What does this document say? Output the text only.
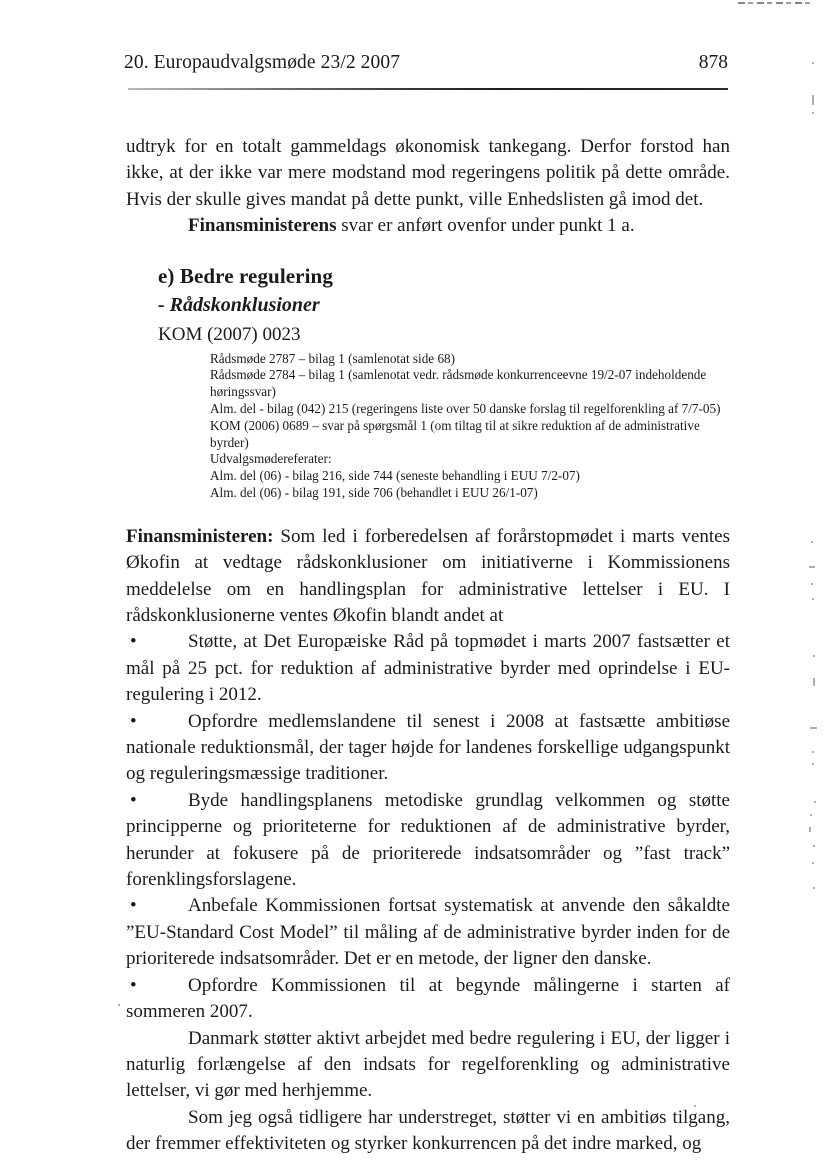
20. Europaudvalgsmøde 23/2 2007	878

udtryk for en totalt gammeldags økonomisk tankegang. Derfor forstod han ikke, at der ikke var mere modstand mod regeringens politik på dette område. Hvis der skulle gives mandat på dette punkt, ville Enhedslisten gå imod det.

Finansministerens svar er anført ovenfor under punkt 1 a.

e) Bedre regulering
- Rådskonklusioner
KOM (2007) 0023

Rådsmøde 2787 – bilag 1 (samlenotat side 68)

Rådsmøde 2784 – bilag 1 (samlenotat vedr. rådsmøde konkurrenceevne 19/2-07 indeholdende høringssvar)

Alm. del - bilag (042) 215 (regeringens liste over 50 danske forslag til regelforenkling af 7/7-05)

KOM (2006) 0689 – svar på spørgsmål 1 (om tiltag til at sikre reduktion af de administrative byrder)

Udvalgsmødereferater:

Alm. del (06) - bilag 216, side 744 (seneste behandling i EUU 7/2-07)

Alm. del (06) - bilag 191, side 706 (behandlet i EUU 26/1-07)

Finansministeren: Som led i forberedelsen af forårstopmødet i marts ventes Økofin at vedtage rådskonklusioner om initiativerne i Kommissionens meddelelse om en handlingsplan for administrative lettelser i EU. I rådskonklusionerne ventes Økofin blandt andet at

•	Støtte, at Det Europæiske Råd på topmødet i marts 2007 fastsætter et mål på 25 pct. for reduktion af administrative byrder med oprindelse i EU-regulering i 2012.

•	Opfordre medlemslandene til senest i 2008 at fastsætte ambitiøse nationale reduktionsmål, der tager højde for landenes forskellige udgangspunkt og reguleringsmæssige traditioner.

•	Byde handlingsplanens metodiske grundlag velkommen og støtte principperne og prioriteterne for reduktionen af de administrative byrder, herunder at fokusere på de prioriterede indsatsområder og ”fast track” forenklingsforslagene.

•	Anbefale Kommissionen fortsat systematisk at anvende den såkaldte ”EU-Standard Cost Model” til måling af de administrative byrder inden for de prioriterede indsatsområder. Det er en metode, der ligner den danske.

•	Opfordre Kommissionen til at begynde målingerne i starten af sommeren 2007.

Danmark støtter aktivt arbejdet med bedre regulering i EU, der ligger i naturlig forlængelse af den indsats for regelforenkling og administrative lettelser, vi gør med herhjemme.

Som jeg også tidligere har understreget, støtter vi en ambitiøs tilgang, der fremmer effektiviteten og styrker konkurrencen på det indre marked, og
